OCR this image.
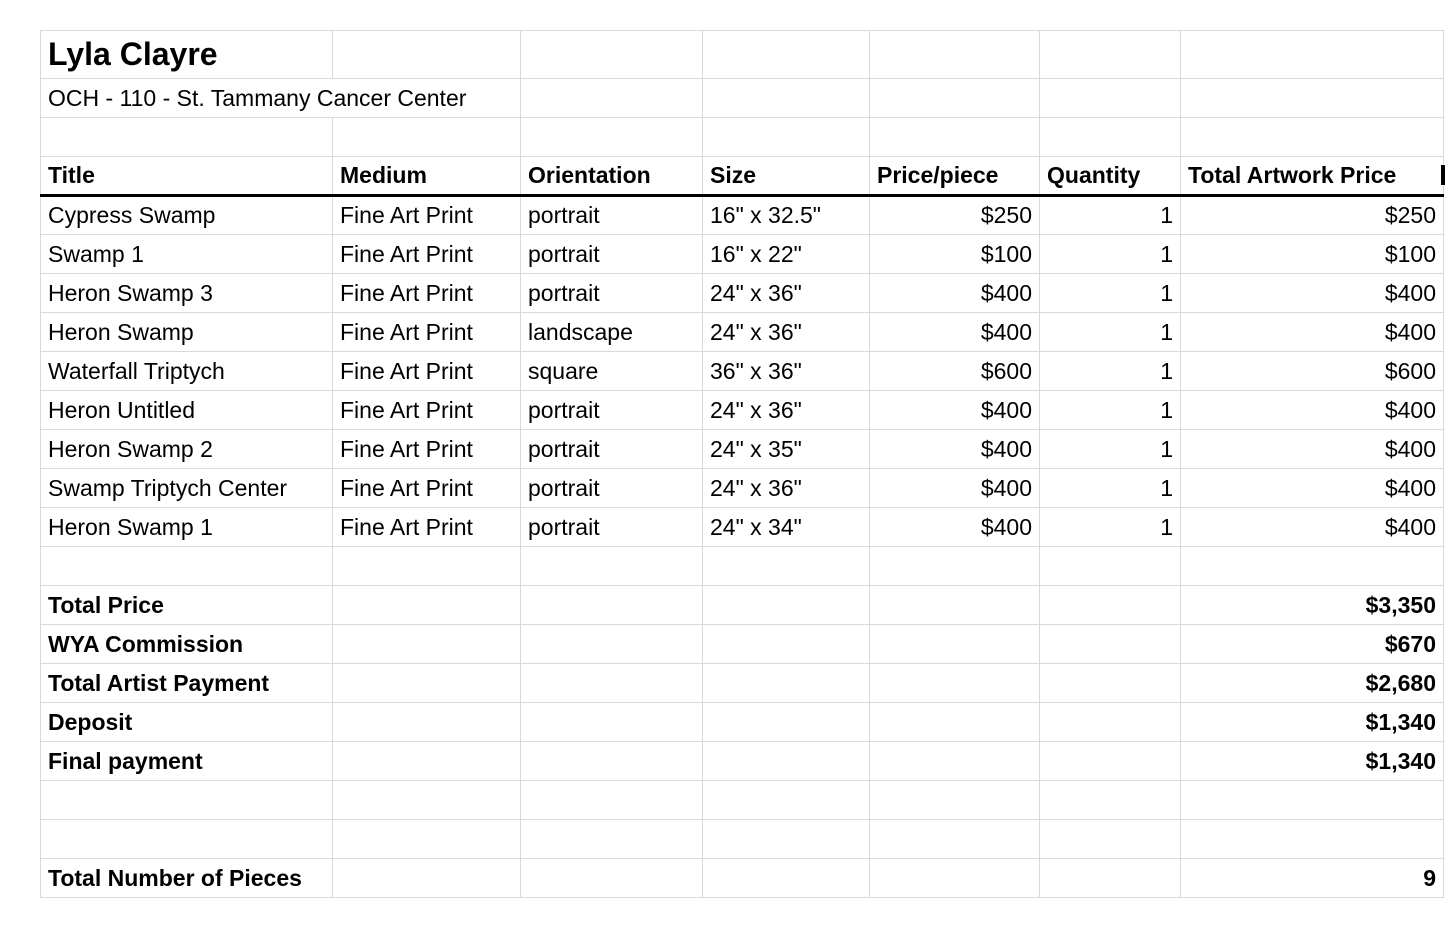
Lyla Clayre						
OCH - 110 - St. Tammany Cancer Center						

Title	Medium	Orientation	Size	Price/piece	Quantity	Total Artwork Price
Cypress Swamp	Fine Art Print	portrait	16" x 32.5"	$250	1	$250
Swamp 1	Fine Art Print	portrait	16" x 22"	$100	1	$100
Heron Swamp 3	Fine Art Print	portrait	24" x 36"	$400	1	$400
Heron Swamp	Fine Art Print	landscape	24" x 36"	$400	1	$400
Waterfall Triptych	Fine Art Print	square	36" x 36"	$600	1	$600
Heron Untitled	Fine Art Print	portrait	24" x 36"	$400	1	$400
Heron Swamp 2	Fine Art Print	portrait	24" x 35"	$400	1	$400
Swamp Triptych Center	Fine Art Print	portrait	24" x 36"	$400	1	$400
Heron Swamp 1	Fine Art Print	portrait	24" x 34"	$400	1	$400

Total Price						$3,350
WYA Commission						$670
Total Artist Payment						$2,680
Deposit						$1,340
Final payment						$1,340

Total Number of Pieces						9
